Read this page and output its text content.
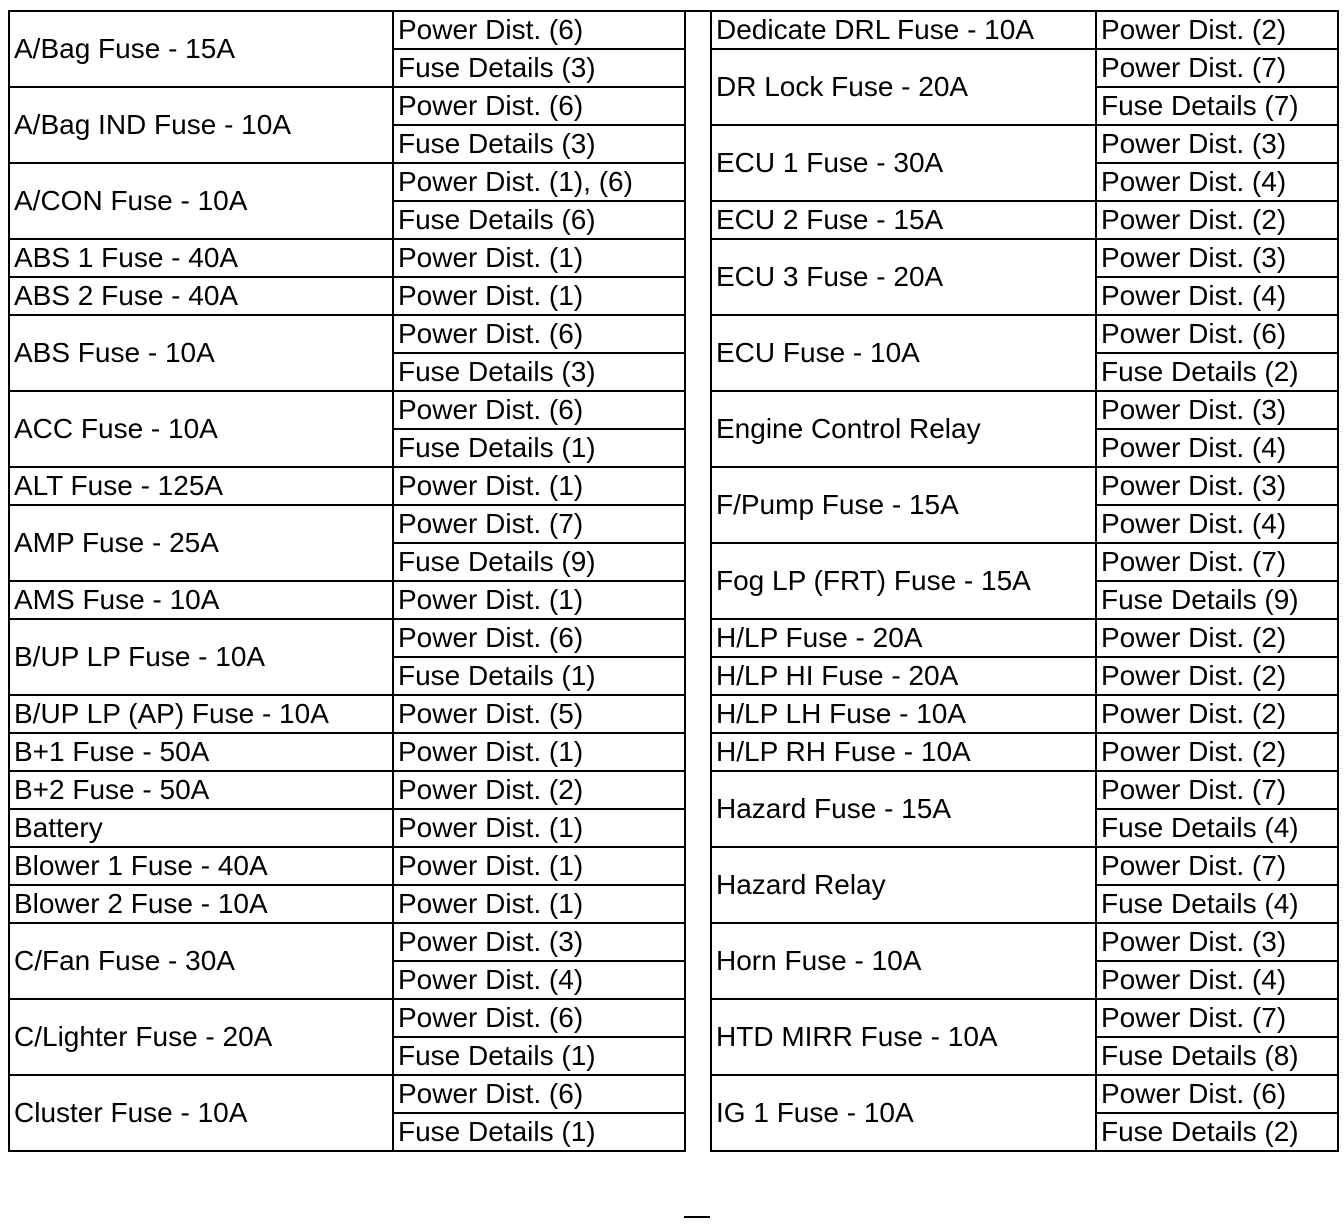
A/Bag Fuse - 15A	Power Dist. (6)
	Fuse Details (3)
A/Bag IND Fuse - 10A	Power Dist. (6)
	Fuse Details (3)
A/CON Fuse - 10A	Power Dist. (1), (6)
	Fuse Details (6)
ABS 1 Fuse - 40A	Power Dist. (1)
ABS 2 Fuse - 40A	Power Dist. (1)
ABS Fuse - 10A	Power Dist. (6)
	Fuse Details (3)
ACC Fuse - 10A	Power Dist. (6)
	Fuse Details (1)
ALT Fuse - 125A	Power Dist. (1)
AMP Fuse - 25A	Power Dist. (7)
	Fuse Details (9)
AMS Fuse - 10A	Power Dist. (1)
B/UP LP Fuse - 10A	Power Dist. (6)
	Fuse Details (1)
B/UP LP (AP) Fuse - 10A	Power Dist. (5)
B+1 Fuse - 50A	Power Dist. (1)
B+2 Fuse - 50A	Power Dist. (2)
Battery	Power Dist. (1)
Blower 1 Fuse - 40A	Power Dist. (1)
Blower 2 Fuse - 10A	Power Dist. (1)
C/Fan Fuse - 30A	Power Dist. (3)
	Power Dist. (4)
C/Lighter Fuse - 20A	Power Dist. (6)
	Fuse Details (1)
Cluster Fuse - 10A	Power Dist. (6)
	Fuse Details (1)
Dedicate DRL Fuse - 10A	Power Dist. (2)
DR Lock Fuse - 20A	Power Dist. (7)
	Fuse Details (7)
ECU 1 Fuse - 30A	Power Dist. (3)
	Power Dist. (4)
ECU 2 Fuse - 15A	Power Dist. (2)
ECU 3 Fuse - 20A	Power Dist. (3)
	Power Dist. (4)
ECU Fuse - 10A	Power Dist. (6)
	Fuse Details (2)
Engine Control Relay	Power Dist. (3)
	Power Dist. (4)
F/Pump Fuse - 15A	Power Dist. (3)
	Power Dist. (4)
Fog LP (FRT) Fuse - 15A	Power Dist. (7)
	Fuse Details (9)
H/LP Fuse - 20A	Power Dist. (2)
H/LP HI Fuse - 20A	Power Dist. (2)
H/LP LH Fuse - 10A	Power Dist. (2)
H/LP RH Fuse - 10A	Power Dist. (2)
Hazard Fuse - 15A	Power Dist. (7)
	Fuse Details (4)
Hazard Relay	Power Dist. (7)
	Fuse Details (4)
Horn Fuse - 10A	Power Dist. (3)
	Power Dist. (4)
HTD MIRR Fuse - 10A	Power Dist. (7)
	Fuse Details (8)
IG 1 Fuse - 10A	Power Dist. (6)
	Fuse Details (2)
